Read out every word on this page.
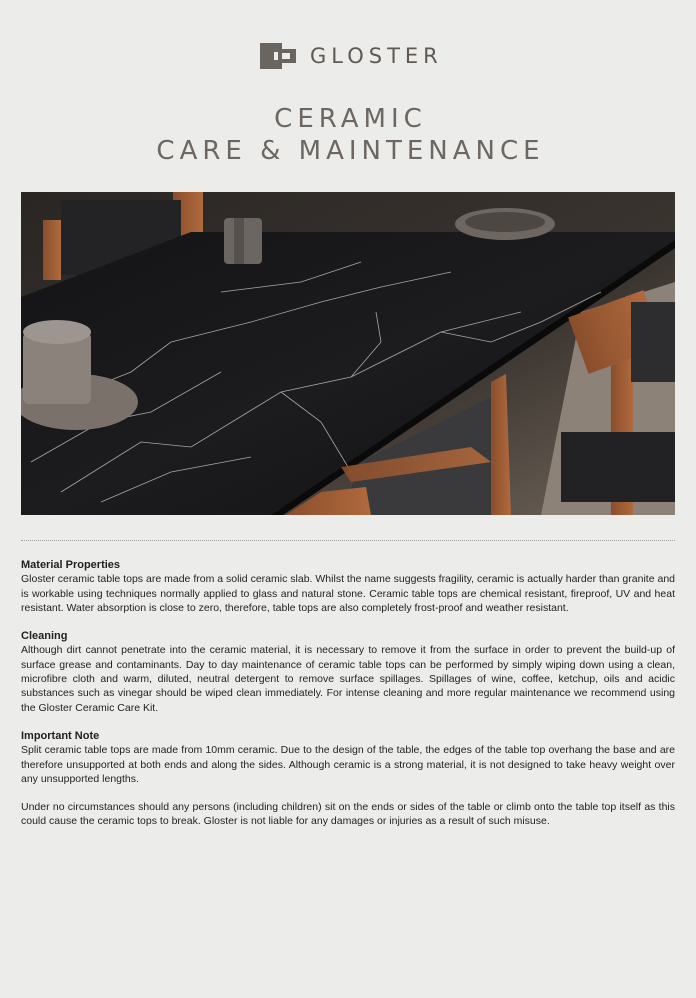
GLOSTER
CERAMIC
CARE & MAINTENANCE
Material Properties
Gloster ceramic table tops are made from a solid ceramic slab. Whilst the name suggests fragility, ceramic is actually harder than granite and is workable using techniques normally applied to glass and natural stone. Ceramic table tops are chemical resistant, fireproof, UV and heat resistant. Water absorption is close to zero, therefore, table tops are also completely frost-proof and weather resistant.
Cleaning
Although dirt cannot penetrate into the ceramic material, it is necessary to remove it from the surface in order to prevent the build-up of surface grease and contaminants. Day to day maintenance of ceramic table tops can be performed by simply wiping down using a clean, microfibre cloth and warm, diluted, neutral detergent to remove surface spillages. Spillages of wine, coffee, ketchup, oils and acidic substances such as vinegar should be wiped clean immediately. For intense cleaning and more regular maintenance we recommend using the Gloster Ceramic Care Kit.
Important Note
Split ceramic table tops are made from 10mm ceramic. Due to the design of the table, the edges of the table top overhang the base and are therefore unsupported at both ends and along the sides. Although ceramic is a strong material, it is not designed to take heavy weight over any unsupported lengths.
Under no circumstances should any persons (including children) sit on the ends or sides of the table or climb onto the table top itself as this could cause the ceramic tops to break. Gloster is not liable for any damages or injuries as a result of such misuse.
